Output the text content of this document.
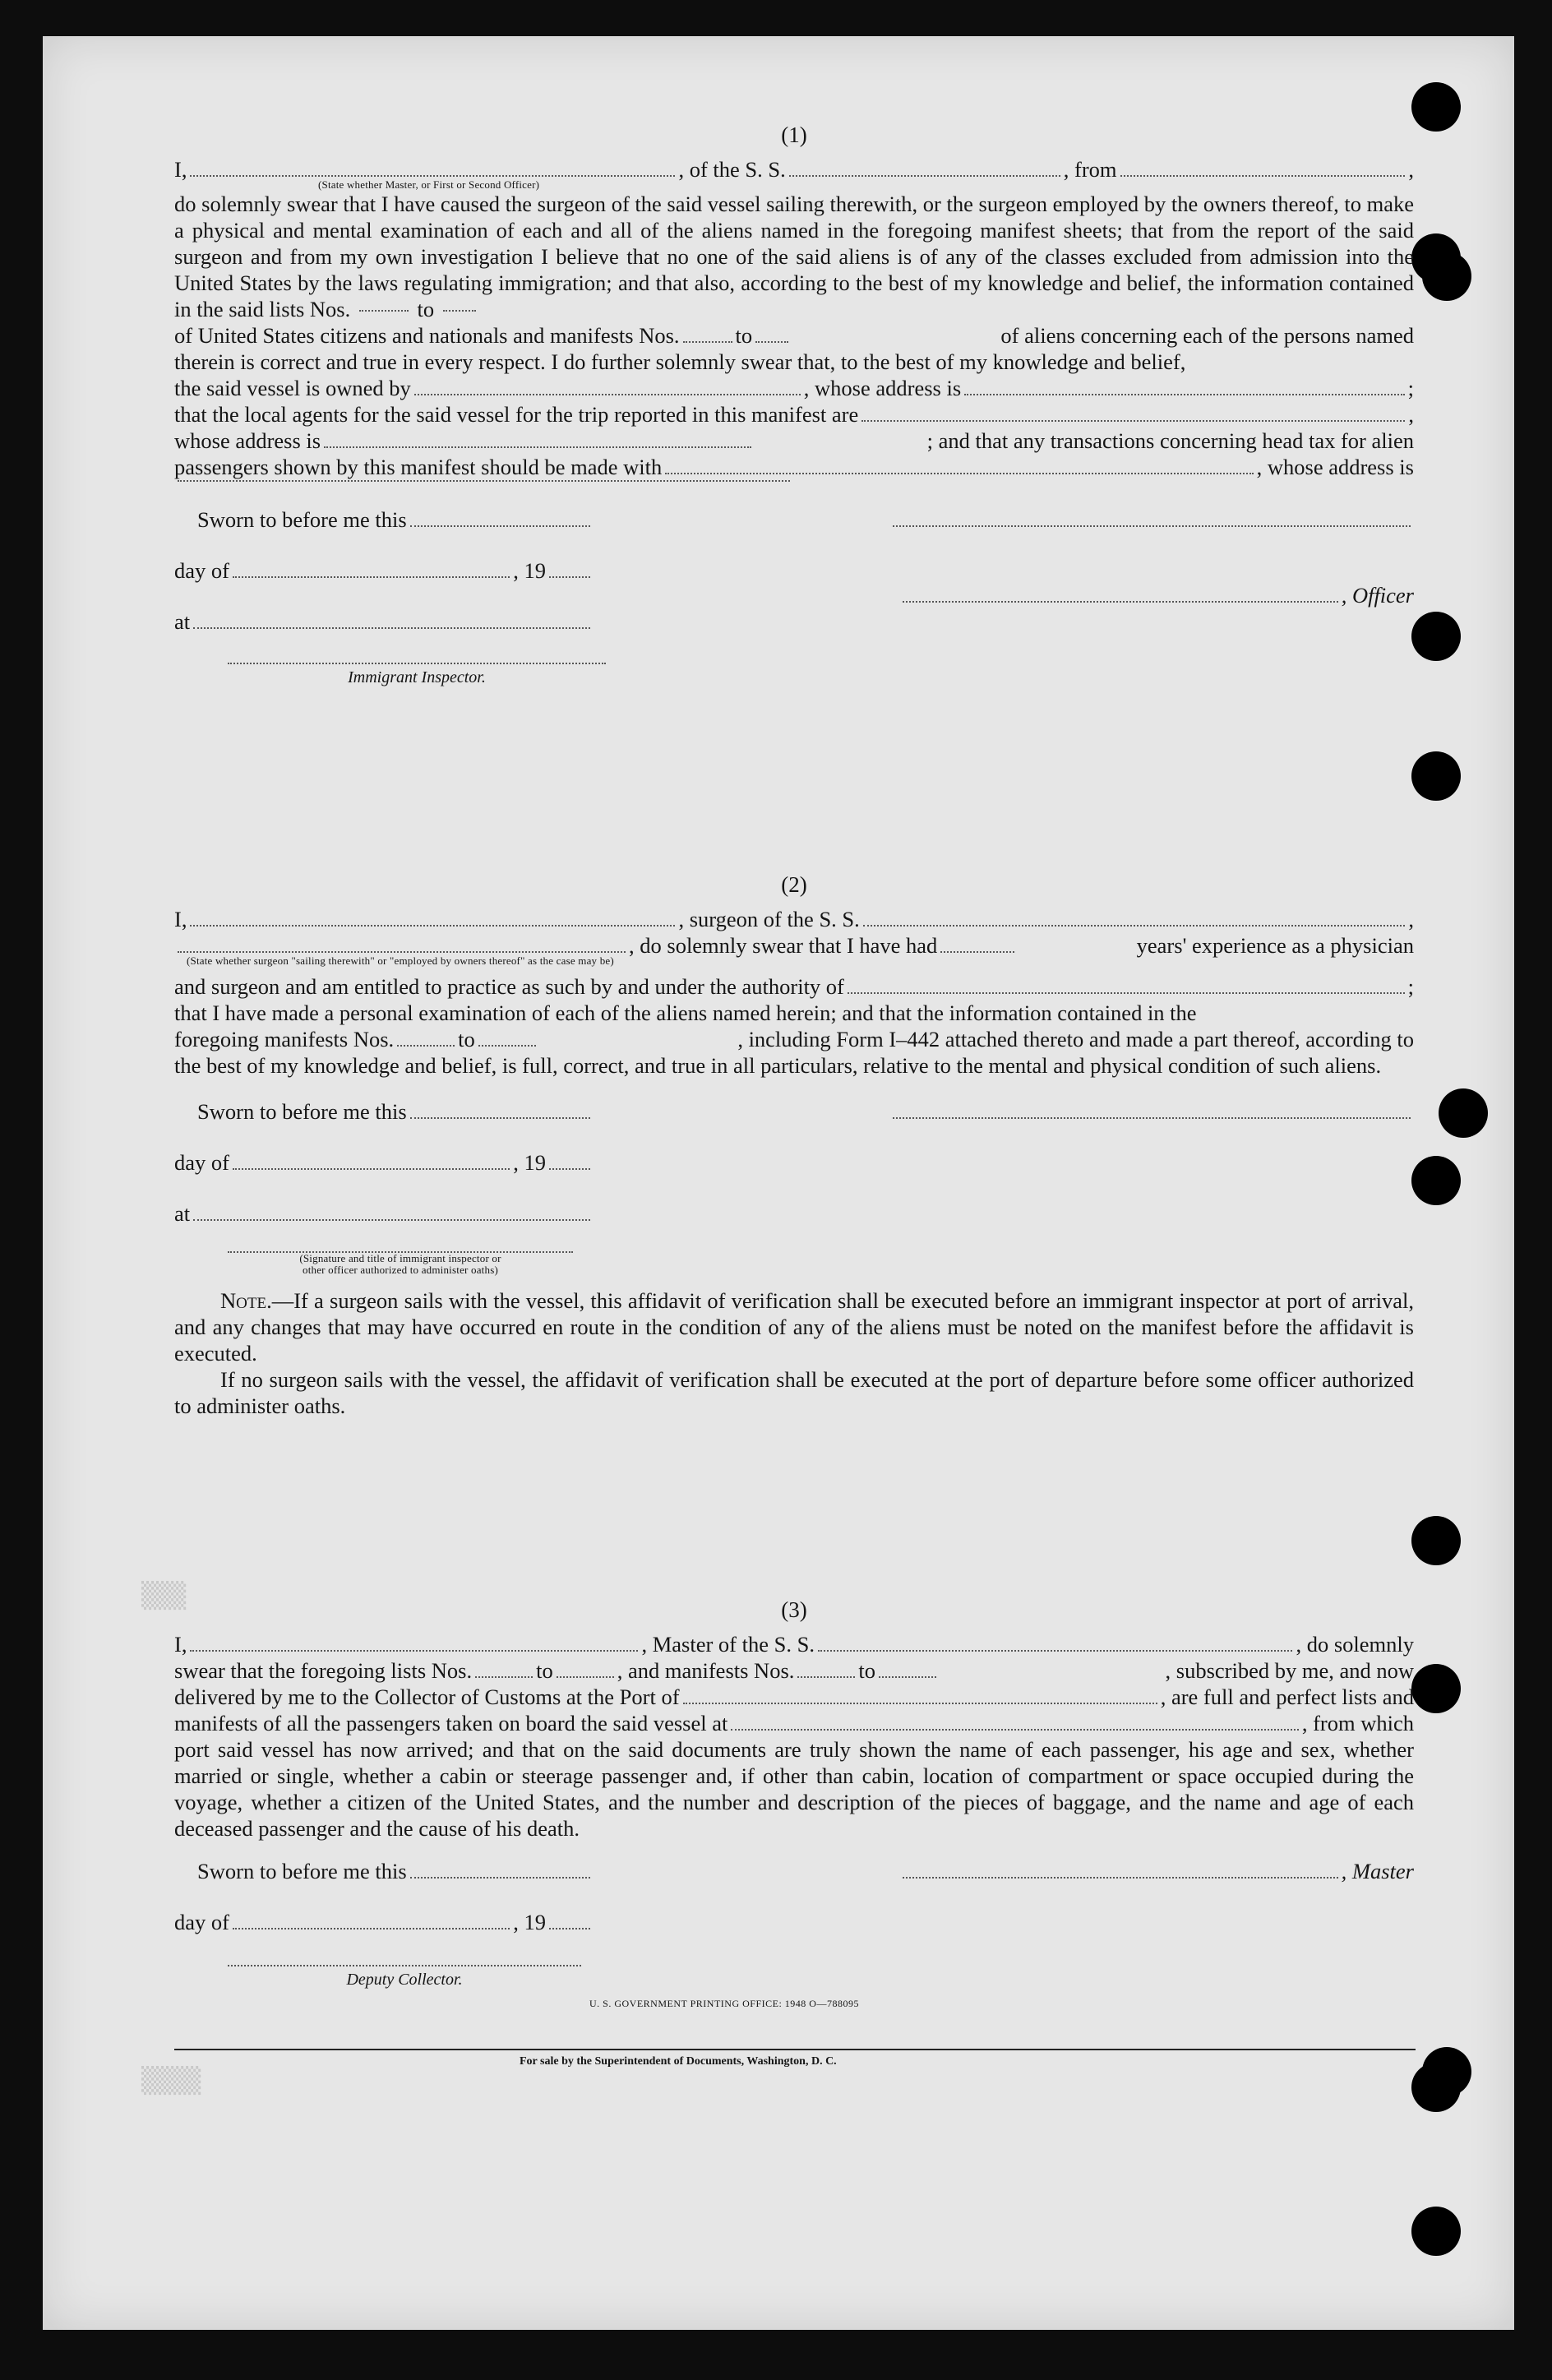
▒▒▒
▒▒▒▒
(1)
I,	, of the S. S.	, from	,
(State whether Master, or First or Second Officer)
do solemnly swear that I have caused the surgeon of the said vessel sailing therewith, or the surgeon employed by the owners thereof, to make a physical and mental examination of each and all of the aliens named in the foregoing manifest sheets; that from the report of the said surgeon and from my own investigation I believe that no one of the said aliens is of any of the classes excluded from admission into the United States by the laws regulating immigration; and that also, according to the best of my knowledge and belief, the information contained in the said lists Nos.	to
of United States citizens and nationals and manifests Nos.	to	of aliens concerning each of the persons named
therein is correct and true in every respect. I do further solemnly swear that, to the best of my knowledge and belief,
the said vessel is owned by	, whose address is	;
that the local agents for the said vessel for the trip reported in this manifest are	,
whose address is	; and that any transactions concerning head tax for alien
passengers shown by this manifest should be made with	, whose address is
Sworn to before me this
day of	, 19
, Officer
at
Immigrant Inspector.
(2)
I,	, surgeon of the S. S.	,
, do solemnly swear that I have had	years' experience as a physician
(State whether surgeon "sailing therewith" or "employed by owners thereof" as the case may be)
and surgeon and am entitled to practice as such by and under the authority of	;
that I have made a personal examination of each of the aliens named herein; and that the information contained in the
foregoing manifests Nos.	to	, including Form I–442 attached thereto and made a part thereof, according to
the best of my knowledge and belief, is full, correct, and true in all particulars, relative to the mental and physical condition of such aliens.
Sworn to before me this
day of	, 19
at
(Signature and title of immigrant inspector or
other officer authorized to administer oaths)
Note.—If a surgeon sails with the vessel, this affidavit of verification shall be executed before an immigrant inspector at port of arrival, and any changes that may have occurred en route in the condition of any of the aliens must be noted on the manifest before the affidavit is executed.
If no surgeon sails with the vessel, the affidavit of verification shall be executed at the port of departure before some officer authorized to administer oaths.
(3)
I,	, Master of the S. S.	, do solemnly
swear that the foregoing lists Nos.	to	, and manifests Nos.	to	, subscribed by me, and now
delivered by me to the Collector of Customs at the Port of	, are full and perfect lists and
manifests of all the passengers taken on board the said vessel at	, from which
port said vessel has now arrived; and that on the said documents are truly shown the name of each passenger, his age and sex, whether married or single, whether a cabin or steerage passenger and, if other than cabin, location of compartment or space occupied during the voyage, whether a citizen of the United States, and the number and description of the pieces of baggage, and the name and age of each deceased passenger and the cause of his death.
Sworn to before me this	, Master
day of	, 19
Deputy Collector.
U. S. GOVERNMENT PRINTING OFFICE: 1948 O—788095
For sale by the Superintendent of Documents, Washington, D. C.
